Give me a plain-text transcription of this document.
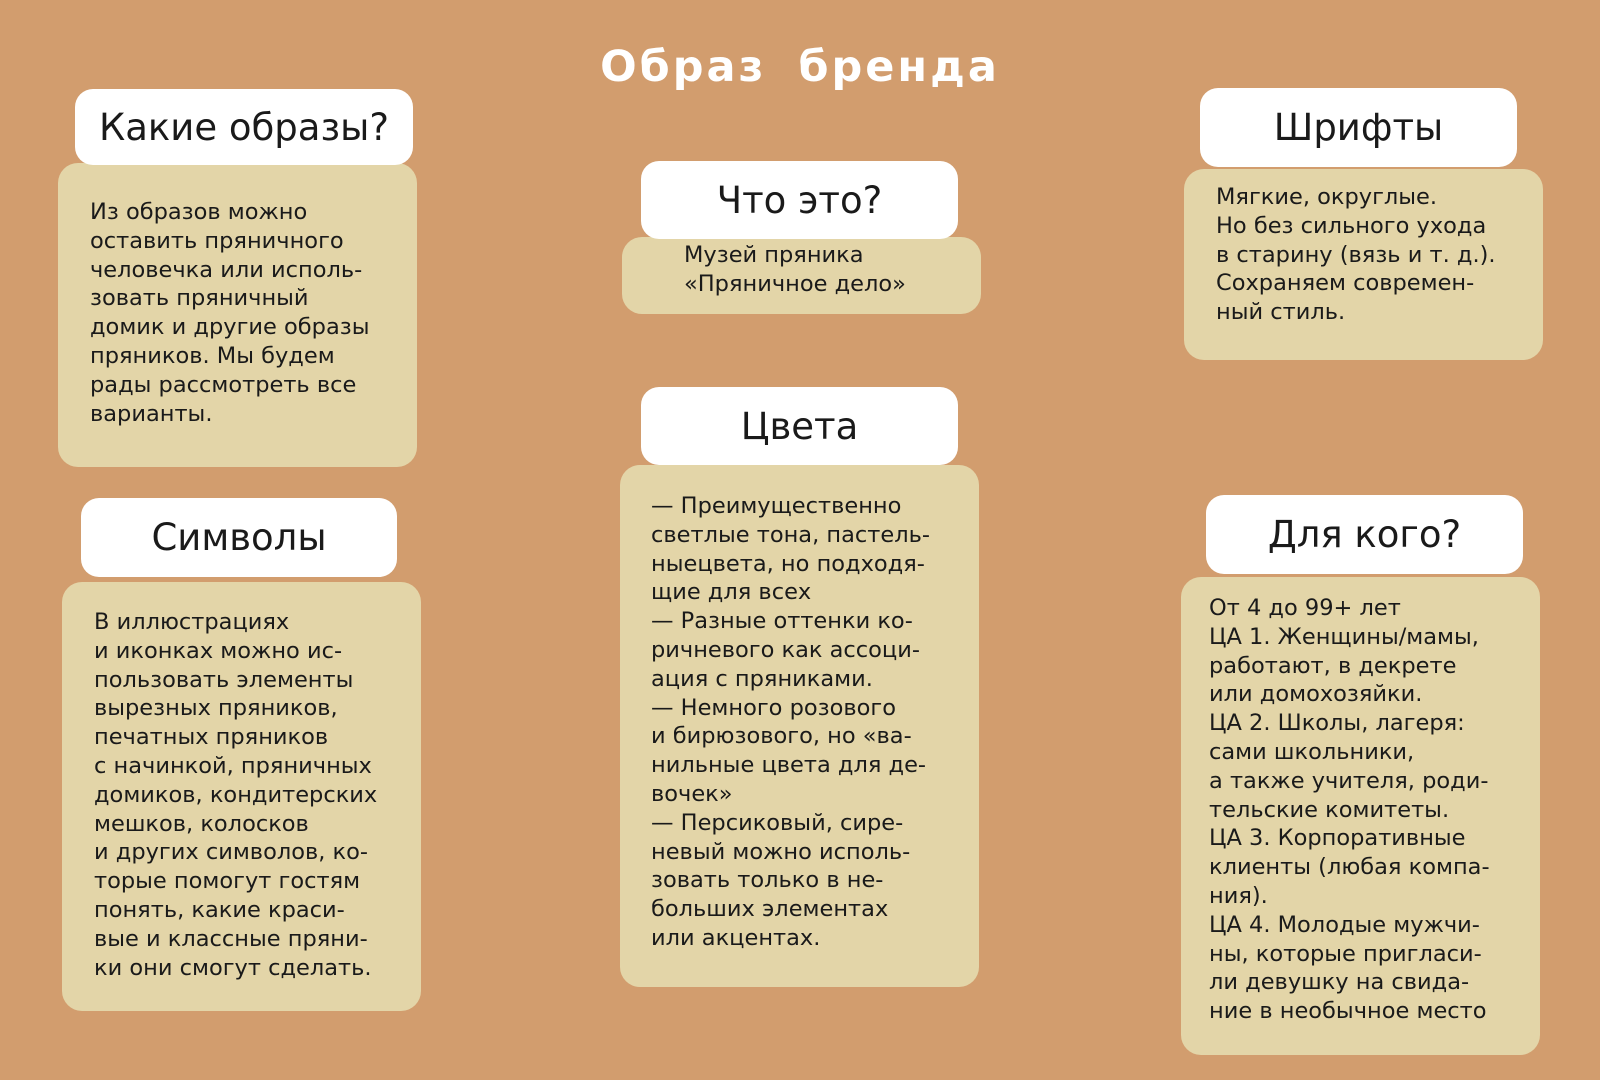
Образ бренда
Какие образы?
Из образов можно
оставить пряничного
человечка или исполь-
зовать пряничный
домик и другие образы
пряников. Мы будем
рады рассмотреть все
варианты.
Символы
В иллюстрациях
и иконках можно ис-
пользовать элементы
вырезных пряников,
печатных пряников
с начинкой, пряничных
домиков, кондитерских
мешков, колосков
и других символов, ко-
торые помогут гостям
понять, какие краси-
вые и классные пряни-
ки они смогут сделать.
Что это?
Музей пряника
«Пряничное дело»
Цвета
— Преимущественно
светлые тона, пастель-
ныецвета, но подходя-
щие для всех
— Разные оттенки ко-
ричневого как ассоци-
ация с пряниками.
— Немного розового
и бирюзового, но «ва-
нильные цвета для де-
вочек»
— Персиковый, сире-
невый можно исполь-
зовать только в не-
больших элементах
или акцентах.
Шрифты
Мягкие, округлые.
Но без сильного ухода
в старину (вязь и т. д.).
Сохраняем современ-
ный стиль.
Для кого?
От 4 до 99+ лет
ЦА 1. Женщины/мамы,
работают, в декрете
или домохозяйки.
ЦА 2. Школы, лагеря:
сами школьники,
а также учителя, роди-
тельские комитеты.
ЦА 3. Корпоративные
клиенты (любая компа-
ния).
ЦА 4. Молодые мужчи-
ны, которые пригласи-
ли девушку на свида-
ние в необычное место
